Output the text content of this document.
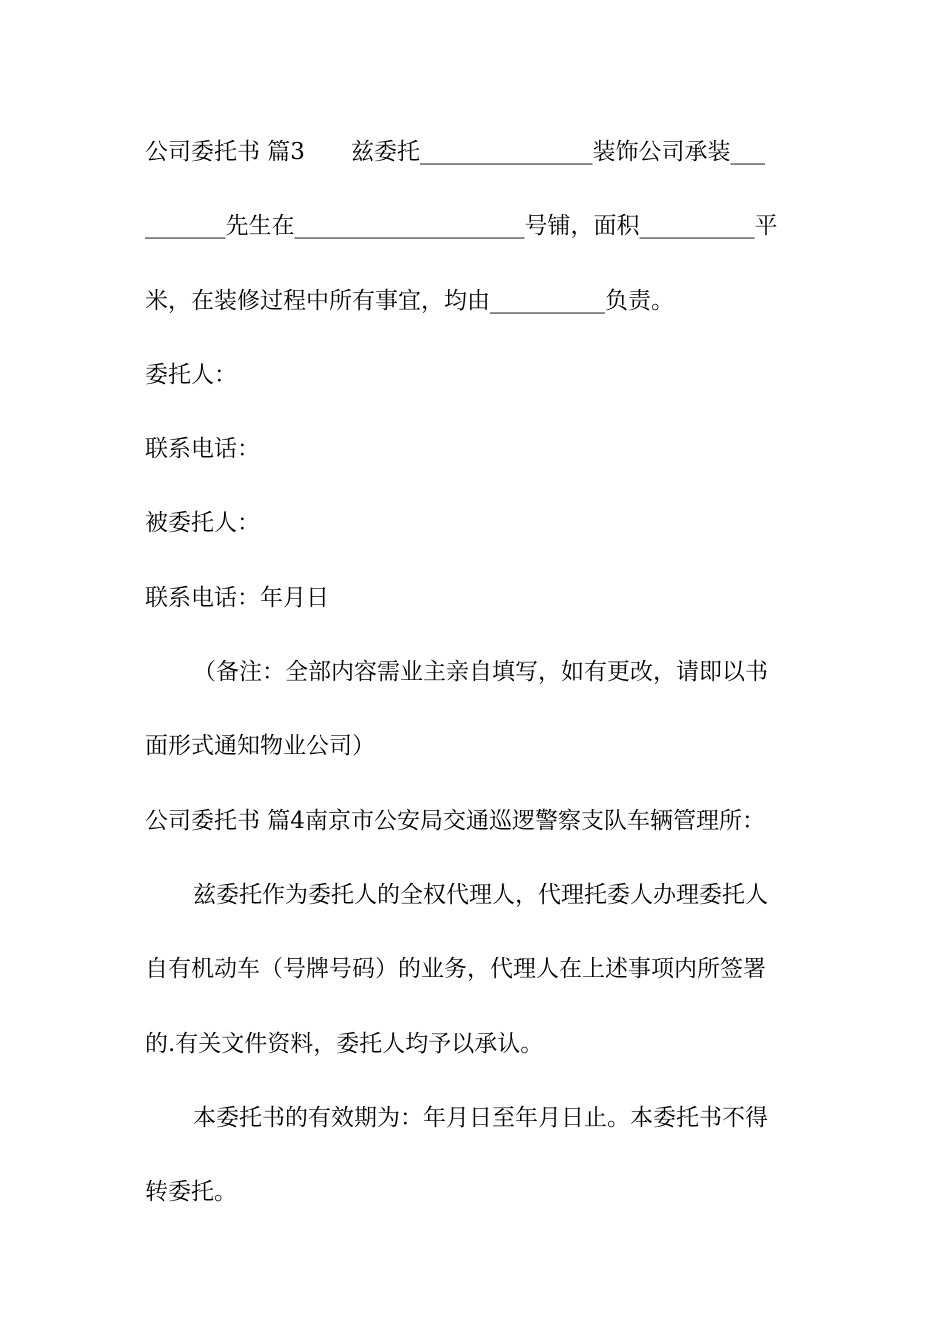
公司委托书 篇3　　兹委托_______________装饰公司承装___
_______先生在____________________号铺，面积__________平
米，在装修过程中所有事宜，均由__________负责。
委托人：
联系电话：
被委托人：
联系电话：年月日
（备注：全部内容需业主亲自填写，如有更改，请即以书
面形式通知物业公司）
公司委托书 篇4南京市公安局交通巡逻警察支队车辆管理所：
兹委托作为委托人的全权代理人，代理托委人办理委托人
自有机动车（号牌号码）的业务，代理人在上述事项内所签署
的.有关文件资料，委托人均予以承认。
本委托书的有效期为：年月日至年月日止。本委托书不得
转委托。
